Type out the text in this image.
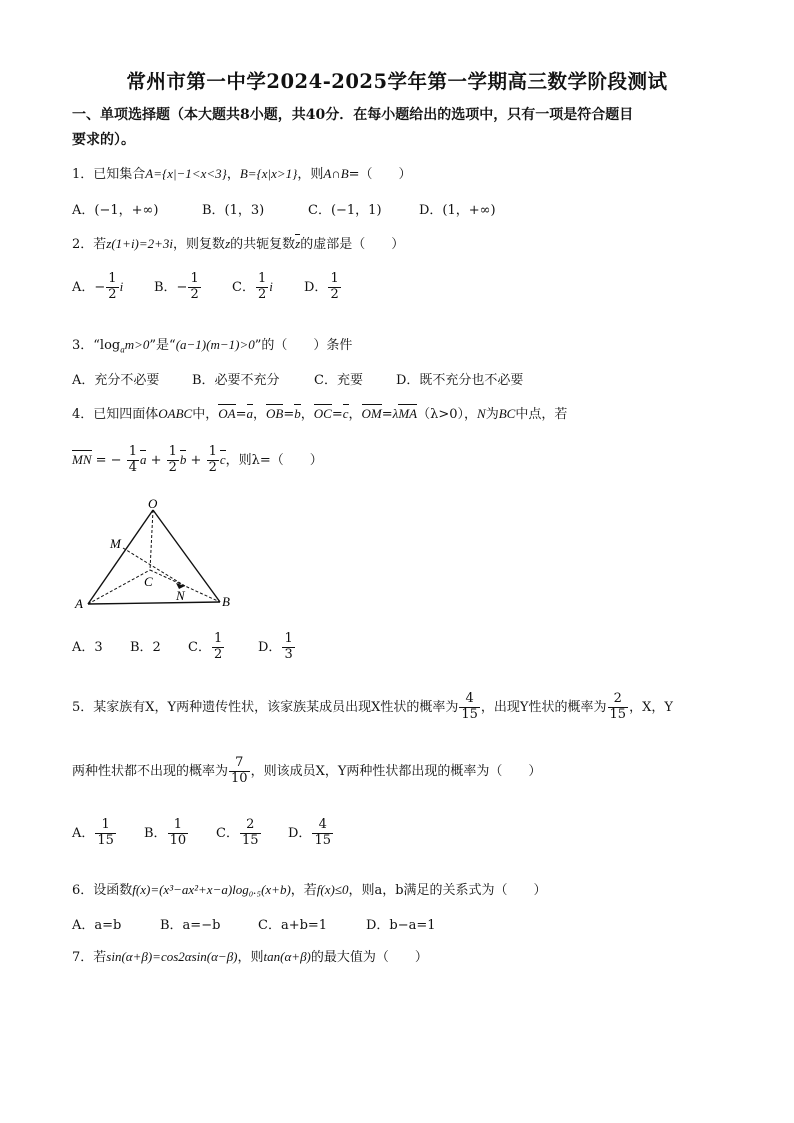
常州市第一中学2024-2025学年第一学期高三数学阶段测试
一、单项选择题（本大题共8小题，共40分．在每小题给出的选项中，只有一项是符合题目
要求的）。
1．已知集合A={x|−1<x<3}，B={x|x>1}，则A∩B=（　　）
A．(−1，+∞)	B．(1，3)	C．(−1，1)	D．(1，+∞)
2．若z(1+i)=2+3i，则复数z的共轭复数z的虚部是（　　）
A．− $\frac{1}{2}$ i B．− $\frac{1}{2}$ C． $\frac{1}{2}$ i D． $\frac{1}{2}$
3．“$\log_am>0$”是“(a−1)(m−1)>0”的（　　）条件
A．充分不必要	B．必要不充分	C．充要	D．既不充分也不必要
4．已知四面体OABC中，OA=a，OB=b，OC=c，OM=λMA（λ>0），N为BC中点，若
MN = − $\frac{1}{4}$ $a + \frac{1}{2}$ $b + \frac{1}{2}$ c，则λ=（　　）
O
M
C
N
A	B
A．3 B．2 C． $\frac{1}{2}$	D． $\frac{1}{3}$
5．某家族有X，Y两种遗传性状，该家族某成员出现X性状的概率为 $\frac{4}{15}$ ，出现Y性状的概率为 $\frac{2}{15}$ ，X，Y
两种性状都不出现的概率为 $\frac{7}{10}$ ，则该成员X，Y两种性状都出现的概率为（　　）
A． $\frac{1}{15}$ B． $\frac{1}{10}$ C． $\frac{2}{15}$ D． $\frac{4}{15}$
6．设函数f(x)=(x³−ax²+x−a)log₀.₅(x+b)，若f(x)≤0，则a，b满足的关系式为（　　）
A．a=b	B．a=−b	C．a+b=1	D．b−a=1
7．若sin(α+β)=cos2αsin(α−β)，则tan(α+β)的最大值为（　　）
